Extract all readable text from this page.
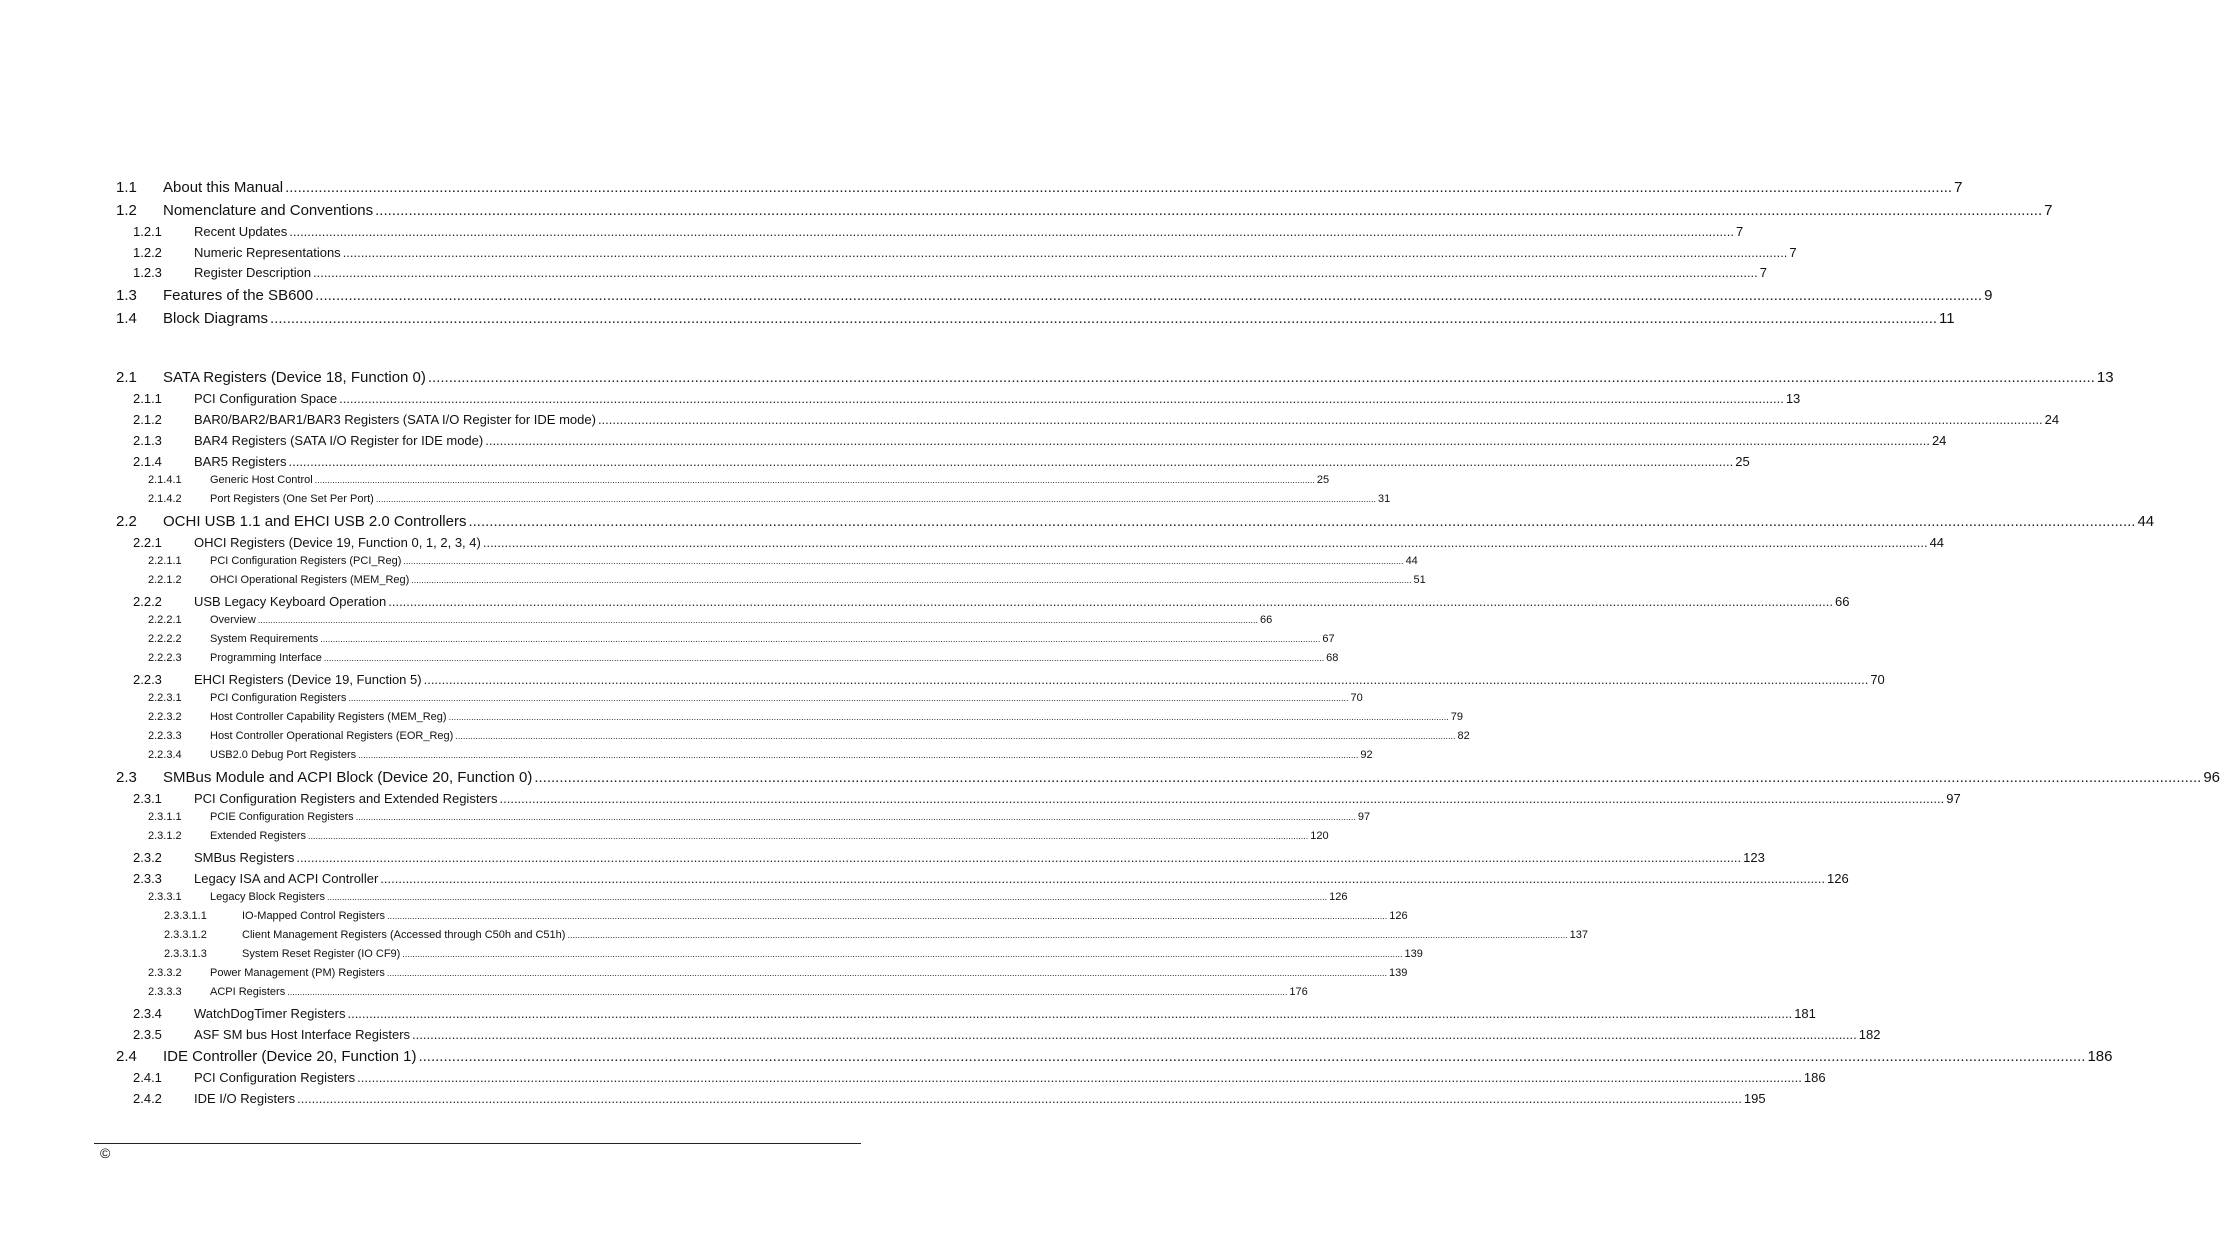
1.1	About this Manual ................................................................................................................................................................................................................................................................................................................................................................................................................ 7
1.2	Nomenclature and Conventions ................................................................................................................................................................................................................................................................................................................................................................................................................ 7
1.2.1	Recent Updates ................................................................................................................................................................................................................................................................................................................................................................................................................ 7
1.2.2	Numeric Representations ................................................................................................................................................................................................................................................................................................................................................................................................................ 7
1.2.3	Register Description ................................................................................................................................................................................................................................................................................................................................................................................................................ 7
1.3	Features of the SB600 ................................................................................................................................................................................................................................................................................................................................................................................................................ 9
1.4	Block Diagrams ................................................................................................................................................................................................................................................................................................................................................................................................................ 11
2.1	SATA Registers (Device 18, Function 0) ................................................................................................................................................................................................................................................................................................................................................................................................................ 13
2.1.1	PCI Configuration Space ................................................................................................................................................................................................................................................................................................................................................................................................................ 13
2.1.2	BAR0/BAR2/BAR1/BAR3 Registers (SATA I/O Register for IDE mode) ................................................................................................................................................................................................................................................................................................................................................................................................................ 24
2.1.3	BAR4 Registers (SATA I/O Register for IDE mode) ................................................................................................................................................................................................................................................................................................................................................................................................................ 24
2.1.4	BAR5 Registers ................................................................................................................................................................................................................................................................................................................................................................................................................ 25
2.1.4.1	Generic Host Control ................................................................................................................................................................................................................................................................................................................................................................................................................ 25
2.1.4.2	Port Registers (One Set Per Port) ................................................................................................................................................................................................................................................................................................................................................................................................................ 31
2.2	OCHI USB 1.1 and EHCI USB 2.0 Controllers ................................................................................................................................................................................................................................................................................................................................................................................................................ 44
2.2.1	OHCI Registers (Device 19, Function 0, 1, 2, 3, 4) ................................................................................................................................................................................................................................................................................................................................................................................................................ 44
2.2.1.1	PCI Configuration Registers (PCI_Reg) ................................................................................................................................................................................................................................................................................................................................................................................................................ 44
2.2.1.2	OHCI Operational Registers (MEM_Reg) ................................................................................................................................................................................................................................................................................................................................................................................................................ 51
2.2.2	USB Legacy Keyboard Operation ................................................................................................................................................................................................................................................................................................................................................................................................................ 66
2.2.2.1	Overview ................................................................................................................................................................................................................................................................................................................................................................................................................ 66
2.2.2.2	System Requirements ................................................................................................................................................................................................................................................................................................................................................................................................................ 67
2.2.2.3	Programming Interface ................................................................................................................................................................................................................................................................................................................................................................................................................ 68
2.2.3	EHCI Registers (Device 19, Function 5) ................................................................................................................................................................................................................................................................................................................................................................................................................ 70
2.2.3.1	PCI Configuration Registers ................................................................................................................................................................................................................................................................................................................................................................................................................ 70
2.2.3.2	Host Controller Capability Registers (MEM_Reg) ................................................................................................................................................................................................................................................................................................................................................................................................................ 79
2.2.3.3	Host Controller Operational Registers (EOR_Reg) ................................................................................................................................................................................................................................................................................................................................................................................................................ 82
2.2.3.4	USB2.0 Debug Port Registers ................................................................................................................................................................................................................................................................................................................................................................................................................ 92
2.3	SMBus Module and ACPI Block (Device 20, Function 0) ................................................................................................................................................................................................................................................................................................................................................................................................................ 96
2.3.1	PCI Configuration Registers and Extended Registers ................................................................................................................................................................................................................................................................................................................................................................................................................ 97
2.3.1.1	PCIE Configuration Registers ................................................................................................................................................................................................................................................................................................................................................................................................................ 97
2.3.1.2	Extended Registers ................................................................................................................................................................................................................................................................................................................................................................................................................ 120
2.3.2	SMBus Registers ................................................................................................................................................................................................................................................................................................................................................................................................................ 123
2.3.3	Legacy ISA and ACPI Controller ................................................................................................................................................................................................................................................................................................................................................................................................................ 126
2.3.3.1	Legacy Block Registers ................................................................................................................................................................................................................................................................................................................................................................................................................ 126
2.3.3.1.1	IO-Mapped Control Registers ................................................................................................................................................................................................................................................................................................................................................................................................................ 126
2.3.3.1.2	Client Management Registers (Accessed through C50h and C51h) ................................................................................................................................................................................................................................................................................................................................................................................................................ 137
2.3.3.1.3	System Reset Register (IO CF9) ................................................................................................................................................................................................................................................................................................................................................................................................................ 139
2.3.3.2	Power Management (PM) Registers ................................................................................................................................................................................................................................................................................................................................................................................................................ 139
2.3.3.3	ACPI Registers ................................................................................................................................................................................................................................................................................................................................................................................................................ 176
2.3.4	WatchDogTimer Registers ................................................................................................................................................................................................................................................................................................................................................................................................................ 181
2.3.5	ASF SM bus Host Interface Registers ................................................................................................................................................................................................................................................................................................................................................................................................................ 182
2.4	IDE Controller (Device 20, Function 1) ................................................................................................................................................................................................................................................................................................................................................................................................................ 186
2.4.1	PCI Configuration Registers ................................................................................................................................................................................................................................................................................................................................................................................................................ 186
2.4.2	IDE I/O Registers ................................................................................................................................................................................................................................................................................................................................................................................................................ 195
©
